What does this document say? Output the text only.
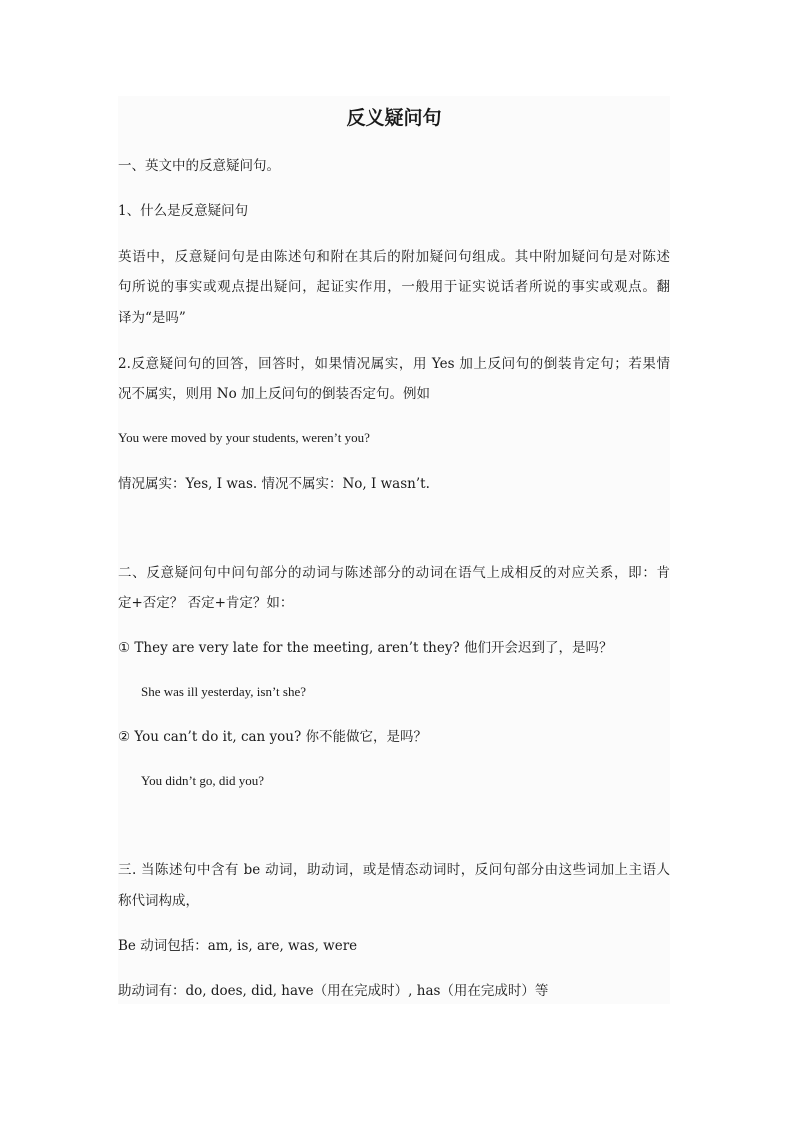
反义疑问句
一、英文中的反意疑问句。
1、什么是反意疑问句
英语中，反意疑问句是由陈述句和附在其后的附加疑问句组成。其中附加疑问句是对陈述
句所说的事实或观点提出疑问，起证实作用，一般用于证实说话者所说的事实或观点。翻
译为“是吗”
2.反意疑问句的回答，回答时，如果情况属实，用 Yes 加上反问句的倒装肯定句；若果情
况不属实，则用 No 加上反问句的倒装否定句。例如
You were moved by your students, weren’t you?
情况属实：Yes, I was. 情况不属实：No, I wasn’t.
二、反意疑问句中问句部分的动词与陈述部分的动词在语气上成相反的对应关系，即：肯
定+否定？ 否定+肯定？如：
① They are very late for the meeting, aren’t they? 他们开会迟到了，是吗？
She was ill yesterday, isn’t she?
② You can’t do it, can you? 你不能做它，是吗？
You didn’t go, did you?
三. 当陈述句中含有 be 动词，助动词，或是情态动词时，反问句部分由这些词加上主语人
称代词构成，
Be 动词包括：am, is, are, was, were
助动词有：do, does, did, have（用在完成时）, has（用在完成时）等
